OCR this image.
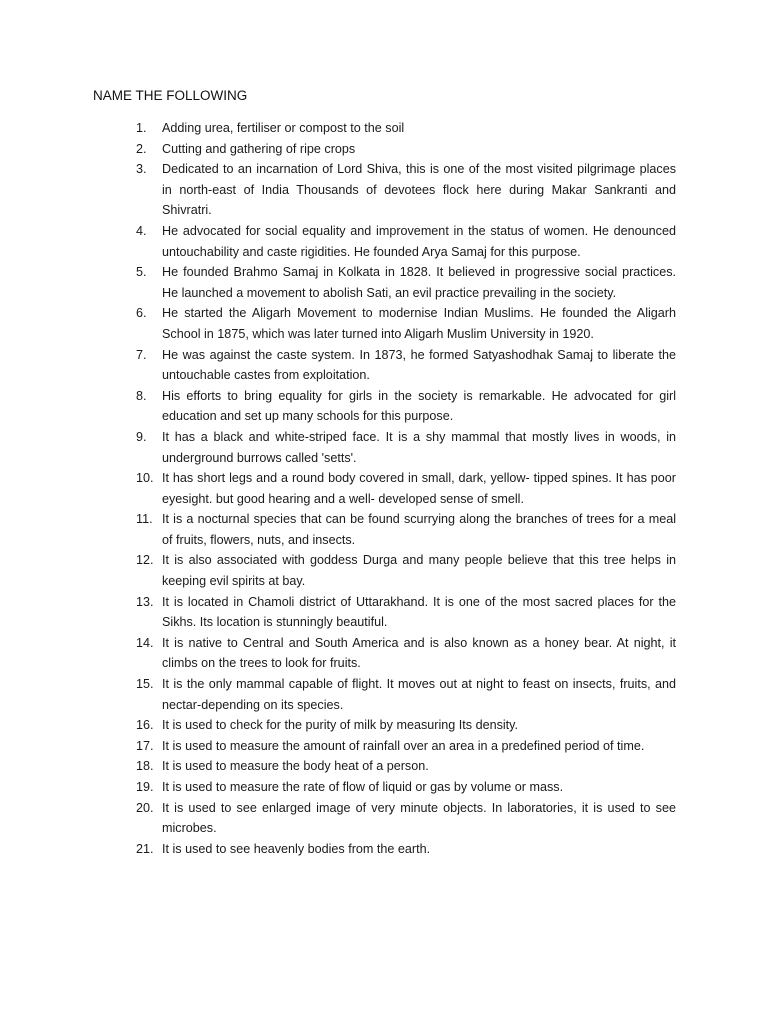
NAME THE FOLLOWING
1.	Adding urea, fertiliser or compost to the soil
2.	Cutting and gathering of ripe crops
3.	Dedicated to an incarnation of Lord Shiva, this is one of the most visited pilgrimage places in north-east of India Thousands of devotees flock here during Makar Sankranti and Shivratri.
4.	He advocated for social equality and improvement in the status of women. He denounced untouchability and caste rigidities. He founded Arya Samaj for this purpose.
5.	He founded Brahmo Samaj in Kolkata in 1828. It believed in progressive social practices. He launched a movement to abolish Sati, an evil practice prevailing in the society.
6.	He started the Aligarh Movement to modernise Indian Muslims. He founded the Aligarh School in 1875, which was later turned into Aligarh Muslim University in 1920.
7.	He was against the caste system. In 1873, he formed Satyashodhak Samaj to liberate the untouchable castes from exploitation.
8.	His efforts to bring equality for girls in the society is remarkable. He advocated for girl education and set up many schools for this purpose.
9.	It has a black and white-striped face. It is a shy mammal that mostly lives in woods, in underground burrows called 'setts'.
10. It has short legs and a round body covered in small, dark, yellow- tipped spines. It has poor eyesight. but good hearing and a well- developed sense of smell.
11. It is a nocturnal species that can be found scurrying along the branches of trees for a meal of fruits, flowers, nuts, and insects.
12. It is also associated with goddess Durga and many people believe that this tree helps in keeping evil spirits at bay.
13. It is located in Chamoli district of Uttarakhand. It is one of the most sacred places for the Sikhs. Its location is stunningly beautiful.
14. It is native to Central and South America and is also known as a honey bear. At night, it climbs on the trees to look for fruits.
15. It is the only mammal capable of flight. It moves out at night to feast on insects, fruits, and nectar-depending on its species.
16. It is used to check for the purity of milk by measuring Its density.
17. It is used to measure the amount of rainfall over an area in a predefined period of time.
18. It is used to measure the body heat of a person.
19. It is used to measure the rate of flow of liquid or gas by volume or mass.
20. It is used to see enlarged image of very minute objects. In laboratories, it is used to see microbes.
21. It is used to see heavenly bodies from the earth.
